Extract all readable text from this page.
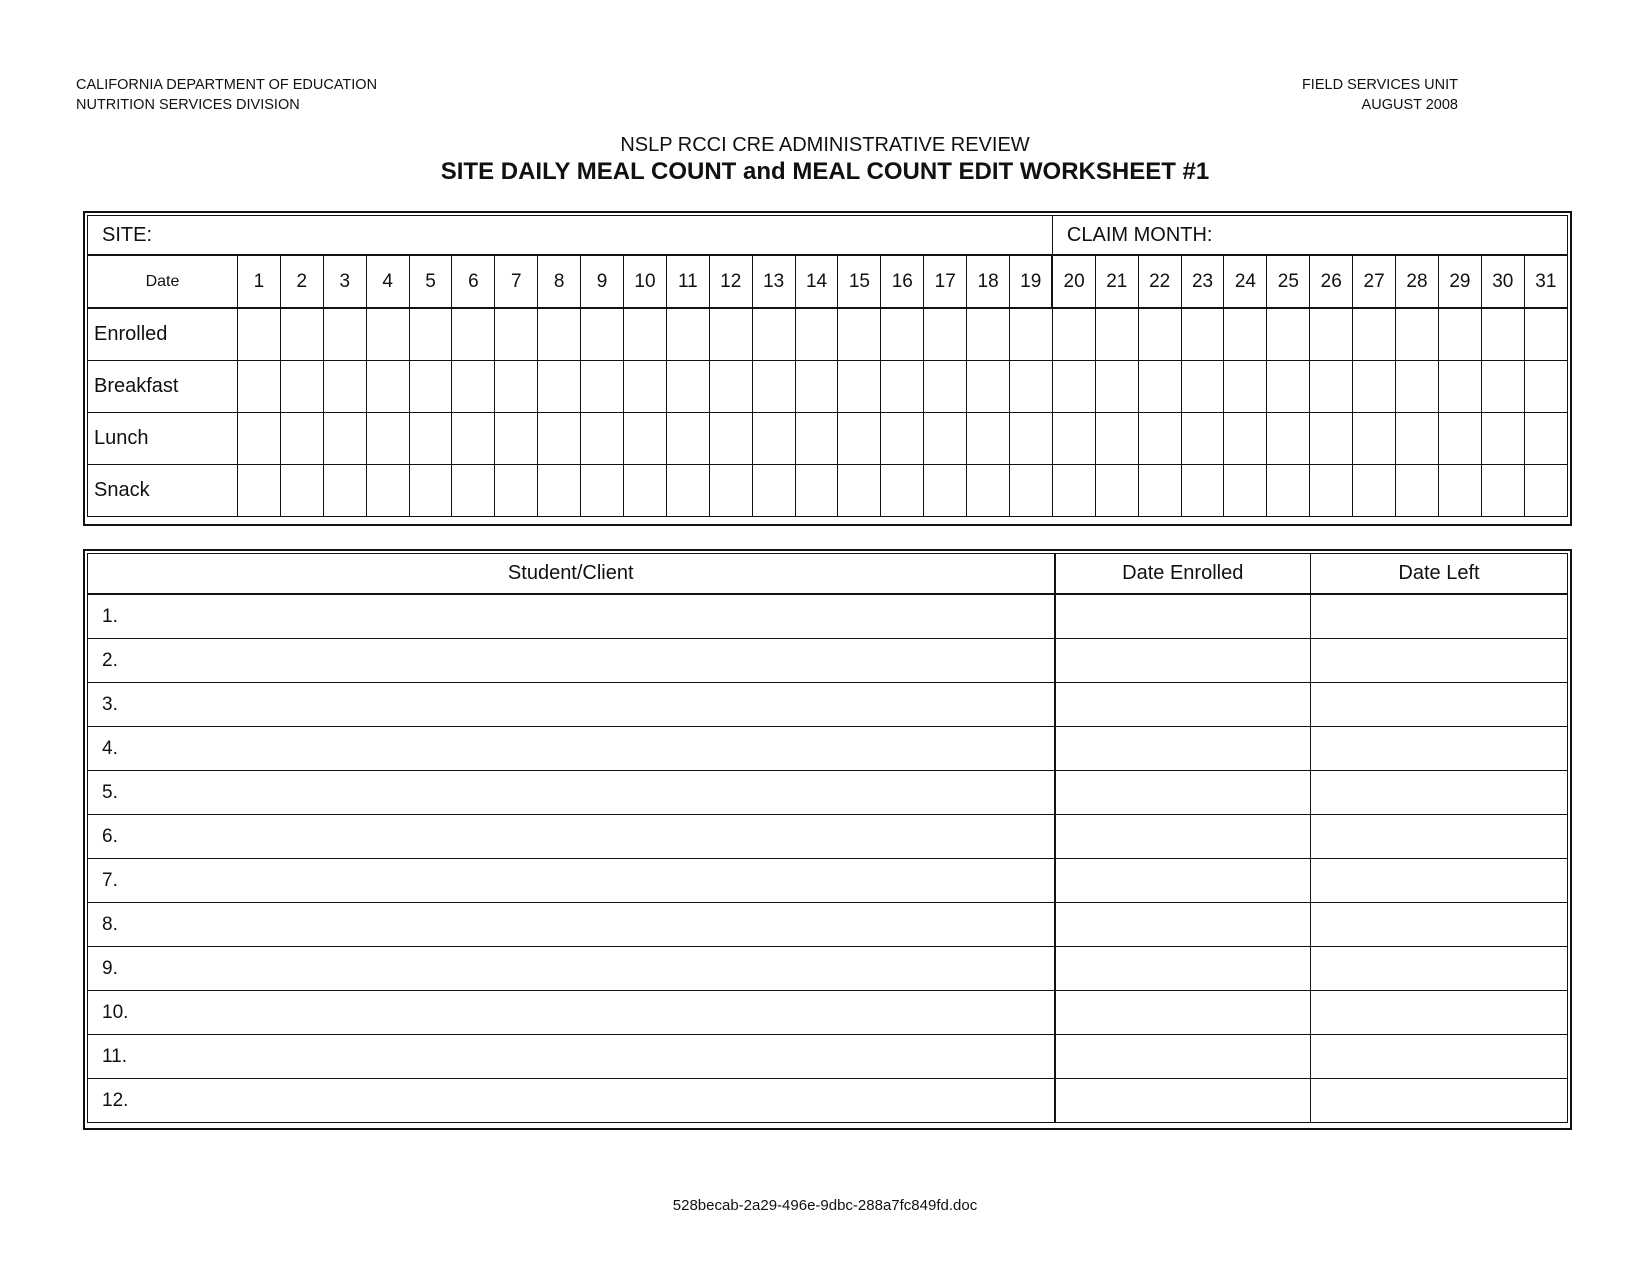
CALIFORNIA DEPARTMENT OF EDUCATION
NUTRITION SERVICES DIVISION
FIELD SERVICES UNIT
AUGUST 2008
NSLP RCCI CRE ADMINISTRATIVE REVIEW
SITE DAILY MEAL COUNT and MEAL COUNT EDIT WORKSHEET #1
SITE:																				CLAIM MONTH:											
Date	1	2	3	4	5	6	7	8	9	10	11	12	13	14	15	16	17	18	19	20	21	22	23	24	25	26	27	28	29	30	31
Enrolled																															
Breakfast																															
Lunch																															
Snack																															
Student/Client	Date Enrolled	Date Left
1.		
2.		
3.		
4.		
5.		
6.		
7.		
8.		
9.		
10.		
11.		
12.		
528becab-2a29-496e-9dbc-288a7fc849fd.doc
